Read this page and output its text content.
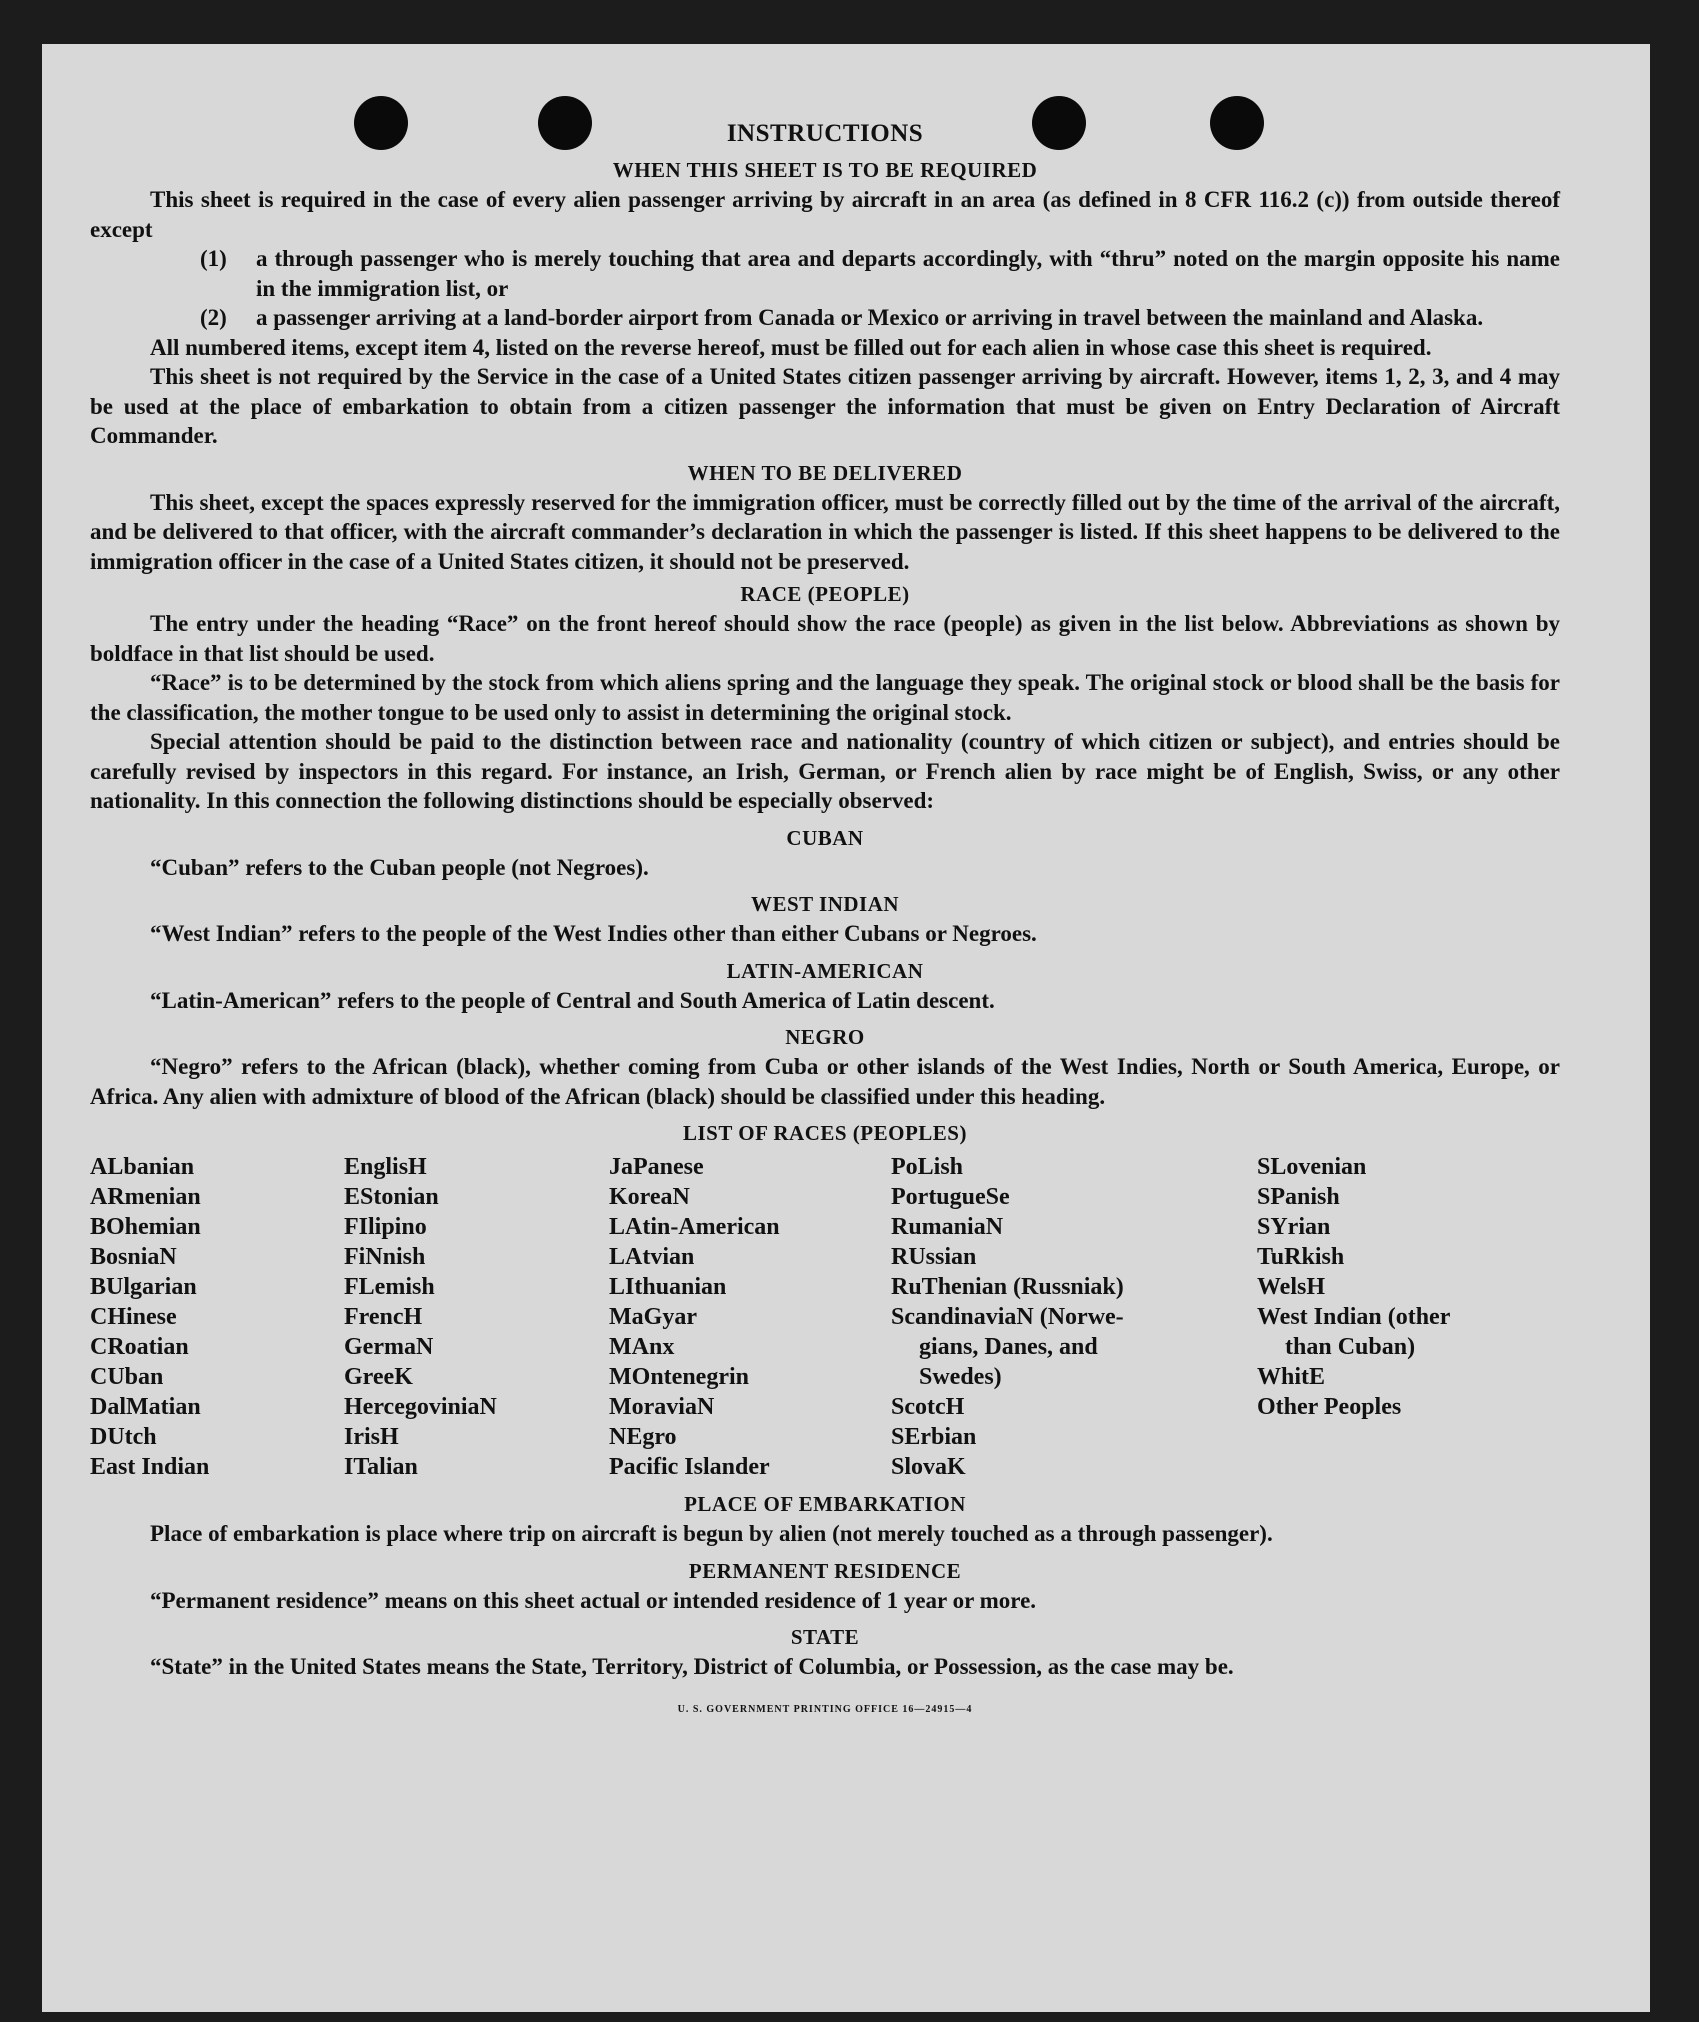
INSTRUCTIONS
WHEN THIS SHEET IS TO BE REQUIRED

This sheet is required in the case of every alien passenger arriving by aircraft in an area (as defined in 8 CFR 116.2 (c)) from outside thereof except

(1)	a through passenger who is merely touching that area and departs accordingly, with “thru” noted on the margin opposite his name in the immigration list, or

(2)	a passenger arriving at a land-border airport from Canada or Mexico or arriving in travel between the mainland and Alaska.

All numbered items, except item 4, listed on the reverse hereof, must be filled out for each alien in whose case this sheet is required.

This sheet is not required by the Service in the case of a United States citizen passenger arriving by aircraft. However, items 1, 2, 3, and 4 may be used at the place of embarkation to obtain from a citizen passenger the information that must be given on Entry Declaration of Aircraft Commander.

WHEN TO BE DELIVERED

This sheet, except the spaces expressly reserved for the immigration officer, must be correctly filled out by the time of the arrival of the aircraft, and be delivered to that officer, with the aircraft commander’s declaration in which the passenger is listed. If this sheet happens to be delivered to the immigration officer in the case of a United States citizen, it should not be preserved.

RACE (PEOPLE)

The entry under the heading “Race” on the front hereof should show the race (people) as given in the list below. Abbreviations as shown by boldface in that list should be used.

“Race” is to be determined by the stock from which aliens spring and the language they speak. The original stock or blood shall be the basis for the classification, the mother tongue to be used only to assist in determining the original stock.

Special attention should be paid to the distinction between race and nationality (country of which citizen or subject), and entries should be carefully revised by inspectors in this regard. For instance, an Irish, German, or French alien by race might be of English, Swiss, or any other nationality. In this connection the following distinctions should be especially observed:

CUBAN

“Cuban” refers to the Cuban people (not Negroes).

WEST INDIAN

“West Indian” refers to the people of the West Indies other than either Cubans or Negroes.

LATIN-AMERICAN

“Latin-American” refers to the people of Central and South America of Latin descent.

NEGRO

“Negro” refers to the African (black), whether coming from Cuba or other islands of the West Indies, North or South America, Europe, or Africa. Any alien with admixture of blood of the African (black) should be classified under this heading.

LIST OF RACES (PEOPLES)
ALbanian
ARmenian
BOhemian
BosniaN
BUlgarian
CHinese
CRoatian
CUban
DalMatian
DUtch
East Indian
EnglisH
EStonian
FIlipino
FiNnish
FLemish
FrencH
GermaN
GreeK
HercegoviniaN
IrisH
ITalian
JaPanese
KoreaN
LAtin-American
LAtvian
LIthuanian
MaGyar
MAnx
MOntenegrin
MoraviaN
NEgro
Pacific Islander
PoLish
PortugueSe
RumaniaN
RUssian
RuThenian (Russniak)
ScandinaviaN (Norwe-
gians, Danes, and
Swedes)
ScotcH
SErbian
SlovaK
SLovenian
SPanish
SYrian
TuRkish
WelsH
West Indian (other
than Cuban)
WhitE
Other Peoples
PLACE OF EMBARKATION

Place of embarkation is place where trip on aircraft is begun by alien (not merely touched as a through passenger).

PERMANENT RESIDENCE

“Permanent residence” means on this sheet actual or intended residence of 1 year or more.

STATE

“State” in the United States means the State, Territory, District of Columbia, or Possession, as the case may be.

U. S. GOVERNMENT PRINTING OFFICE 16—24915—4
